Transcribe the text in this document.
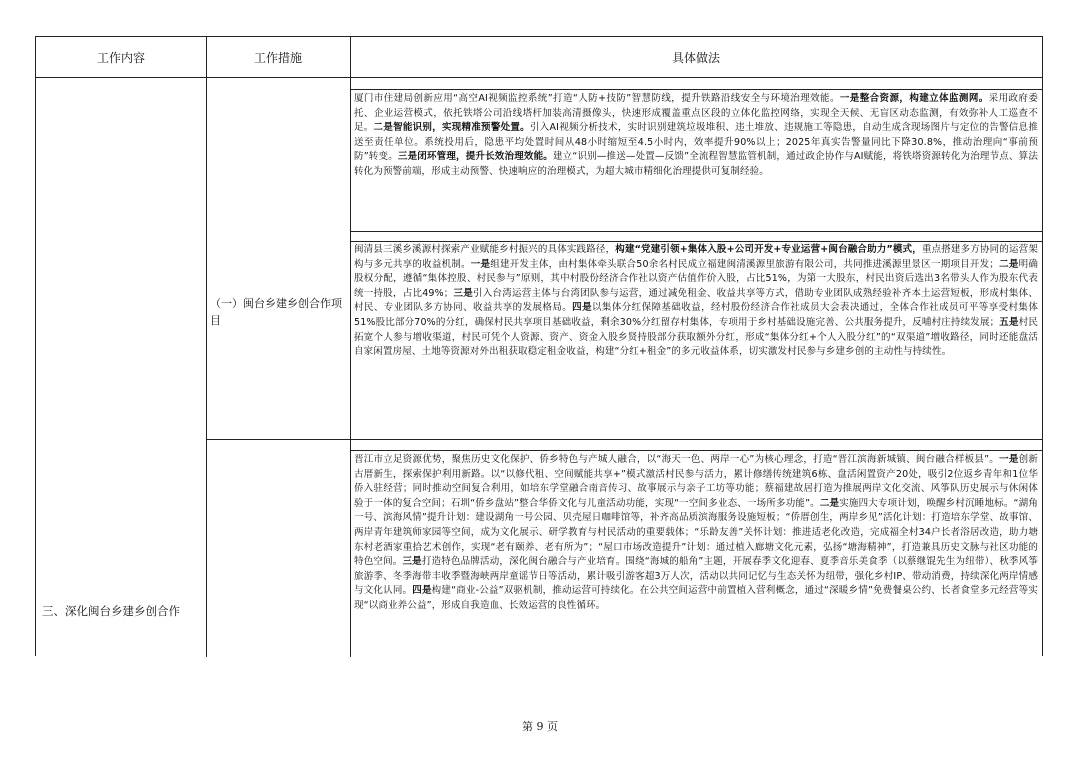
工作内容	工作措施	具体做法
三、深化闽台乡建乡创合作
（一）闽台乡建乡创合作项目
厦门市住建局创新应用“高空AI视频监控系统”打造“人防+技防”智慧防线，提升铁路沿线安全与环境治理效能。一是整合资源，构建立体监测网。采用政府委托、企业运营模式，依托铁塔公司沿线塔杆加装高清摄像头，快速形成覆盖重点区段的立体化监控网络，实现全天候、无盲区动态监测，有效弥补人工巡查不足。二是智能识别，实现精准预警处置。引入AI视频分析技术，实时识别建筑垃圾堆积、违土堆放、违规施工等隐患，自动生成含现场图片与定位的告警信息推送至责任单位。系统投用后，隐患平均处置时间从48小时缩短至4.5小时内，效率提升90%以上；2025年真实告警量同比下降30.8%，推动治理向“事前预防”转变。三是闭环管理，提升长效治理效能。建立“识别—推送—处置—反馈”全流程智慧监管机制，通过政企协作与AI赋能，将铁塔资源转化为治理节点、算法转化为预警前端，形成主动预警、快速响应的治理模式，为超大城市精细化治理提供可复制经验。
闽清县三溪乡溪源村探索产业赋能乡村振兴的具体实践路径，构建“党建引领+集体入股+公司开发+专业运营+闽台融合助力”模式，重点搭建多方协同的运营架构与多元共享的收益机制。一是组建开发主体，由村集体牵头联合50余名村民成立福建闽清溪源里旅游有限公司，共同推进溪源里景区一期项目开发；二是明确股权分配，遵循“集体控股、村民参与”原则，其中村股份经济合作社以资产估值作价入股，占比51%，为第一大股东，村民出资后选出3名带头人作为股东代表统一持股，占比49%；三是引入台湾运营主体与台湾团队参与运营，通过减免租金、收益共享等方式，借助专业团队成熟经验补齐本土运营短板，形成村集体、村民、专业团队多方协同、收益共享的发展格局。四是以集体分红保障基础收益，经村股份经济合作社成员大会表决通过，全体合作社成员可平等享受村集体51%股比部分70%的分红，确保村民共享项目基础收益，剩余30%分红留存村集体，专项用于乡村基础设施完善、公共服务提升，反哺村庄持续发展；五是村民拓宽个人参与增收渠道，村民可凭个人资源、资产、资金入股乡贤持股部分获取额外分红，形成“集体分红+个人入股分红”的“双渠道”增收路径，同时还能盘活自家闲置房屋、土地等资源对外出租获取稳定租金收益，构建“分红+租金”的多元收益体系，切实激发村民参与乡建乡创的主动性与持续性。
晋江市立足资源优势，聚焦历史文化保护、侨乡特色与产城人融合，以“海天一色、两岸一心”为核心理念，打造“晋江滨海新城镇、闽台融合样板县”。一是创新古厝新生，探索保护利用新路。以“以修代租、空间赋能共享+”模式激活村民参与活力，累计修缮传统建筑6栋、盘活闲置资产20处，吸引2位返乡青年和1位华侨入驻经营；同时推动空间复合利用，如培东学堂融合南音传习、故事展示与亲子工坊等功能；蔡福建故居打造为推展两岸文化交流、风筝队历史展示与休闲体验于一体的复合空间；石圳“侨乡盘站”整合华侨文化与儿童活动功能，实现“一空间多业态、一场所多功能”。二是实施四大专项计划，唤醒乡村沉睡地标。“湖角一号、滨海风情”提升计划：建设湖角一号公园、贝壳屋日咖啡馆等，补齐高品质滨海服务设施短板；“侨厝创生，两岸乡见”活化计划：打造培东学堂、故事馆、两岸青年建筑师家园等空间，成为文化展示、研学教育与村民活动的重要载体；“乐龄友善”关怀计划：推进适老化改造，完成福全村34户长者浴居改造，助力塘东村老酒家重拾艺术创作，实现“老有颐养、老有所为”；“屋口市场改造提升”计划：通过植入廊塘文化元素，弘扬“塘海精神”，打造兼具历史文脉与社区功能的特色空间。三是打造特色品牌活动，深化闽台融合与产业培育。围绕“海城的船角”主题，开展春季文化迎春、夏季音乐美食季（以蔡继馄先生为纽带）、秋季风筝旅游季、冬季海带丰收季暨海峡两岸童谣节日等活动，累计吸引游客超3万人次，活动以共同记忆与生态关怀为纽带，强化乡村IP、带动消费，持续深化两岸情感与文化认同。四是构建“商业-公益”双驱机制，推动运营可持续化。在公共空间运营中前置植入营利概念，通过“深暖乡情”免费餐桌公约、长者食堂多元经营等实现“以商业养公益”，形成自我造血、长效运营的良性循环。
第 9 页
